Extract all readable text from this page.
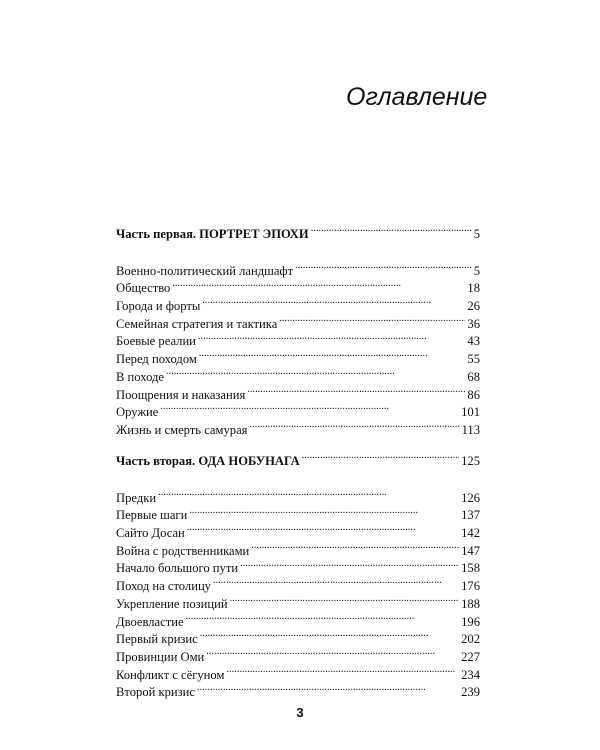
Оглавление
Часть первая. ПОРТРЕТ ЭПОХИ . . .	5
Военно-политический ландшафт . . .	5
Общество . . .	18
Города и форты . . .	26
Семейная стратегия и тактика . . .	36
Боевые реалии . . .	43
Перед походом . . .	55
В походе . . .	68
Поощрения и наказания . . .	86
Оружие . . .	101
Жизнь и смерть самурая . . .	113
Часть вторая. ОДА НОБУНАГА . . .	125
Предки . . .	126
Первые шаги . . .	137
Сайто Досан . . .	142
Война с родственниками . . .	147
Начало большого пути . . .	158
Поход на столицу . . .	176
Укрепление позиций . . .	188
Двоевластие . . .	196
Первый кризис . . .	202
Провинции Оми . . .	227
Конфликт с сёгуном . . .	234
Второй кризис . . .	239
3
